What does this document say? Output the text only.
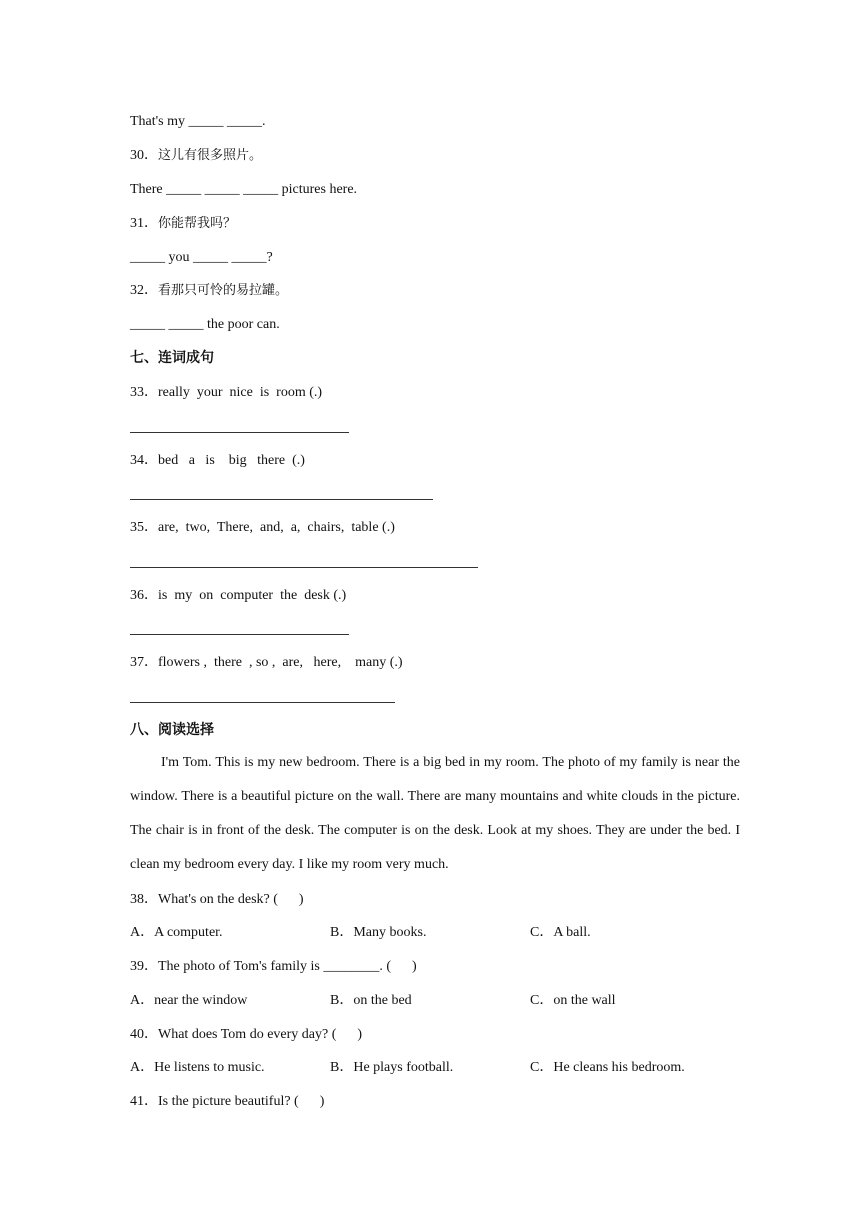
That's my _____ _____.
30．这儿有很多照片。
There _____ _____ _____ pictures here.
31．你能帮我吗？
_____ you _____ _____?
32．看那只可怜的易拉罐。
_____ _____ the poor can.
七、连词成句
33．really  your  nice  is  room (.)
34．bed   a   is    big   there  (.)
35．are,  two,  There,  and,  a,  chairs,  table (.)
36．is  my  on  computer  the  desk (.)
37．flowers ,  there  , so ,  are,   here,    many (.)
八、阅读选择

I'm Tom. This is my new bedroom. There is a big bed in my room. The photo of my family is near the window. There is a beautiful picture on the wall. There are many mountains and white clouds in the picture. The chair is in front of the desk. The computer is on the desk. Look at my shoes. They are under the bed. I clean my bedroom every day. I like my room very much.

38．What's on the desk? (      )
A．A computer.	B．Many books.	C．A ball.
39．The photo of Tom's family is ________. (      )
A．near the window	B．on the bed	C．on the wall
40．What does Tom do every day? (      )
A．He listens to music.	B．He plays football.	C．He cleans his bedroom.
41．Is the picture beautiful? (      )
